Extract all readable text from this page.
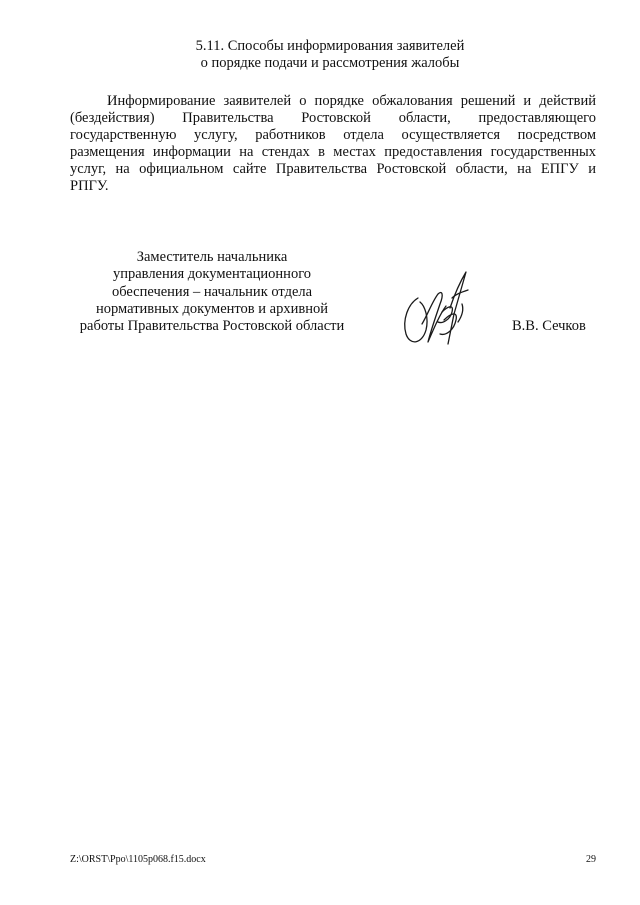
5.11. Способы информирования заявителей
о порядке подачи и рассмотрения жалобы
Информирование заявителей о порядке обжалования решений и действий
(бездействия) Правительства Ростовской области, предоставляющего
государственную услугу, работников отдела осуществляется посредством
размещения информации на стендах в местах предоставления государственных
услуг, на официальном сайте Правительства Ростовской области, на ЕПГУ и
РПГУ.
Заместитель начальника
управления документационного
обеспечения – начальник отдела
нормативных документов и архивной
работы Правительства Ростовской области	В.В. Сечков
Z:\ORST\Ppo\1105p068.f15.docx	29
